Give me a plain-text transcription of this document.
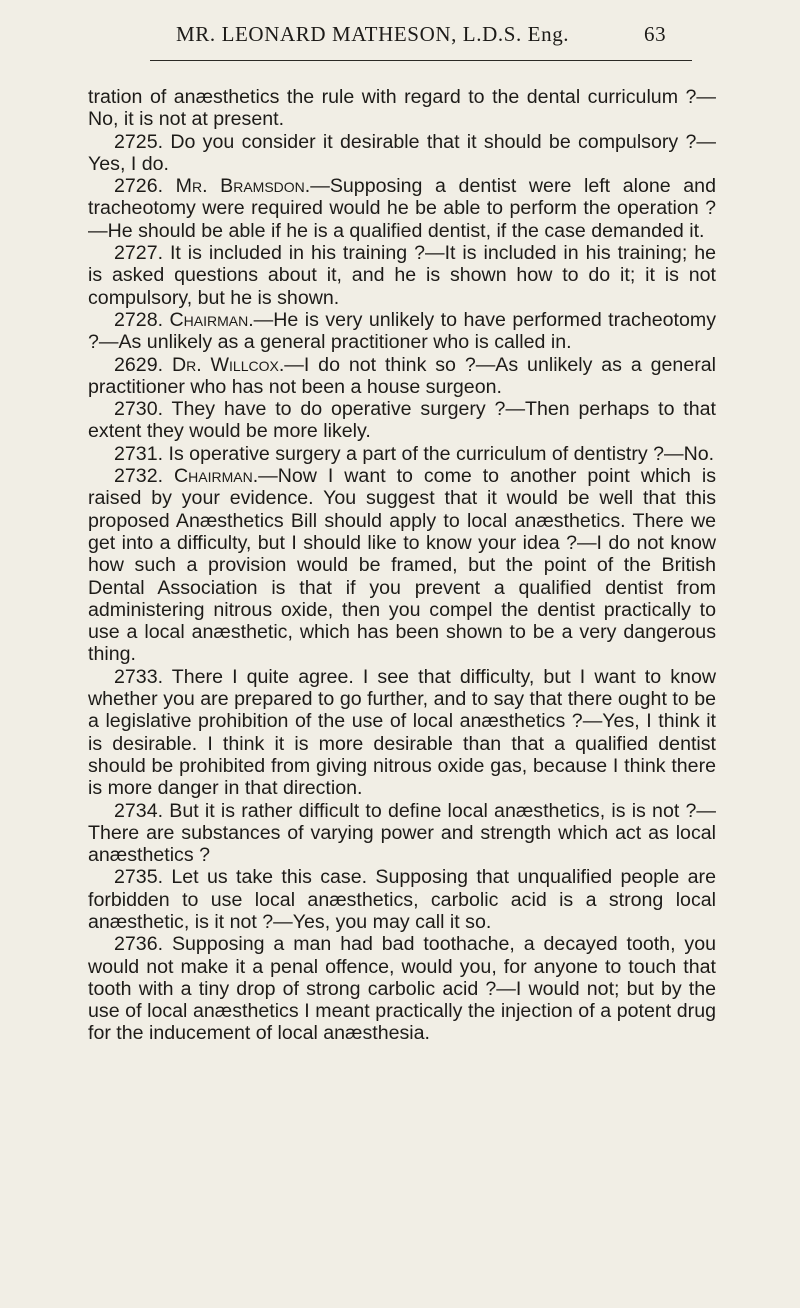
MR. LEONARD MATHESON, L.D.S. Eng.	63

tration of anæsthetics the rule with regard to the dental curriculum ?—No, it is not at present.

2725. Do you consider it desirable that it should be compulsory ?—Yes, I do.

2726. Mr. Bramsdon.—Supposing a dentist were left alone and tracheotomy were required would he be able to perform the operation ?—He should be able if he is a qualified dentist, if the case demanded it.

2727. It is included in his training ?—It is included in his training; he is asked questions about it, and he is shown how to do it; it is not compulsory, but he is shown.

2728. Chairman.—He is very unlikely to have performed tracheotomy ?—As unlikely as a general practitioner who is called in.

2629. Dr. Willcox.—I do not think so ?—As unlikely as a general practitioner who has not been a house surgeon.

2730. They have to do operative surgery ?—Then perhaps to that extent they would be more likely.

2731. Is operative surgery a part of the curriculum of dentistry ?—No.

2732. Chairman.—Now I want to come to another point which is raised by your evidence. You suggest that it would be well that this proposed Anæsthetics Bill should apply to local anæsthetics. There we get into a difficulty, but I should like to know your idea ?—I do not know how such a provision would be framed, but the point of the British Dental Association is that if you prevent a qualified dentist from administering nitrous oxide, then you compel the dentist practically to use a local anæsthetic, which has been shown to be a very dangerous thing.

2733. There I quite agree. I see that difficulty, but I want to know whether you are prepared to go further, and to say that there ought to be a legislative prohibition of the use of local anæsthetics ?—Yes, I think it is desirable. I think it is more desirable than that a qualified dentist should be prohibited from giving nitrous oxide gas, because I think there is more danger in that direction.

2734. But it is rather difficult to define local anæsthetics, is is not ?—There are substances of varying power and strength which act as local anæsthetics ?

2735. Let us take this case. Supposing that unqualified people are forbidden to use local anæsthetics, carbolic acid is a strong local anæsthetic, is it not ?—Yes, you may call it so.

2736. Supposing a man had bad toothache, a decayed tooth, you would not make it a penal offence, would you, for anyone to touch that tooth with a tiny drop of strong carbolic acid ?—I would not; but by the use of local anæsthetics I meant practically the injection of a potent drug for the inducement of local anæsthesia.
